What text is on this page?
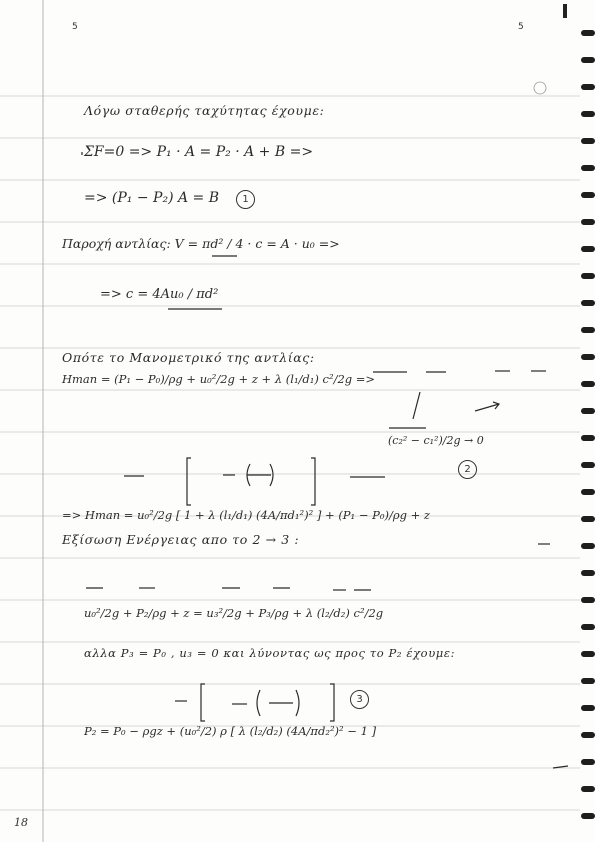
5	5
Λόγω σταθερής ταχύτητας έχουμε:
ΣF=0 => P₁ · A = P₂ · A + B =>
=> (P₁ − P₂) A = B	1
Παροχή αντλίας: V = πd² / 4 · c = A · u₀ =>
=> c = 4Au₀ / πd²
Οπότε το Μανομετρικό της αντλίας:
Hman = (P₁ − P₀)/ρg + u₀²/2g + z + λ (l₁/d₁) c²/2g =>
(c₂² − c₁²)/2g → 0
=> Hman = u₀²/2g [ 1 + λ (l₁/d₁) (4A/πd₁²)² ] + (P₁ − P₀)/ρg + z
2
Εξίσωση Ενέργειας απο το 2 → 3 :
u₀²/2g + P₂/ρg + z = u₃²/2g + P₃/ρg + λ (l₂/d₂) c²/2g
αλλα P₃ = P₀ , u₃ = 0 και λύνοντας ως προς το P₂ έχουμε:
P₂ = P₀ − ρgz + (u₀²/2) ρ [ λ (l₂/d₂) (4A/πd₂²)² − 1 ]
3
18
